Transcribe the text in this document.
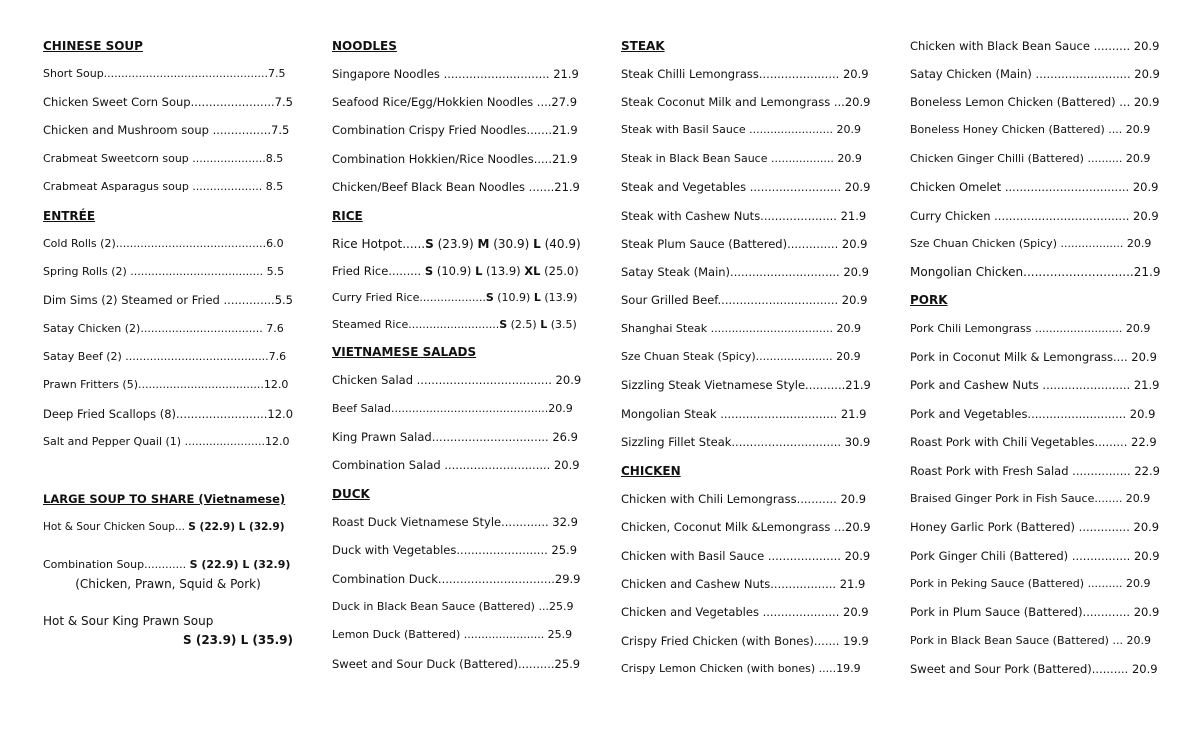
CHINESE SOUP
Short Soup...............................................7.5
Chicken Sweet Corn Soup.......................7.5
Chicken and Mushroom soup ................7.5
Crabmeat Sweetcorn soup .....................8.5
Crabmeat Asparagus soup .................... 8.5
ENTRÉE
Cold Rolls (2)...........................................6.0
Spring Rolls (2) ...................................... 5.5
Dim Sims (2) Steamed or Fried ..............5.5
Satay Chicken (2)................................... 7.6
Satay Beef (2) .........................................7.6
Prawn Fritters (5)....................................12.0
Deep Fried Scallops (8).........................12.0
Salt and Pepper Quail (1) .......................12.0
LARGE SOUP TO SHARE (Vietnamese)
Hot & Sour Chicken Soup... S (22.9) L (32.9)
Combination Soup............ S (22.9) L (32.9)
(Chicken, Prawn, Squid & Pork)
Hot & Sour King Prawn Soup
S (23.9) L (35.9)
NOODLES
Singapore Noodles ............................. 21.9
Seafood Rice/Egg/Hokkien Noodles ....27.9
Combination Crispy Fried Noodles.......21.9
Combination Hokkien/Rice Noodles.....21.9
Chicken/Beef Black Bean Noodles .......21.9
RICE
Rice Hotpot......S (23.9) M (30.9) L (40.9)
Fried Rice......... S (10.9) L (13.9) XL (25.0)
Curry Fried Rice...................S (10.9) L (13.9)
Steamed Rice..........................S (2.5) L (3.5)
VIETNAMESE SALADS
Chicken Salad ..................................... 20.9
Beef Salad.............................................20.9
King Prawn Salad................................ 26.9
Combination Salad ............................. 20.9
DUCK
Roast Duck Vietnamese Style............. 32.9
Duck with Vegetables......................... 25.9
Combination Duck................................29.9
Duck in Black Bean Sauce (Battered) ...25.9
Lemon Duck (Battered) ....................... 25.9
Sweet and Sour Duck (Battered)..........25.9
STEAK
Steak Chilli Lemongrass...................... 20.9
Steak Coconut Milk and Lemongrass ...20.9
Steak with Basil Sauce ........................ 20.9
Steak in Black Bean Sauce .................. 20.9
Steak and Vegetables ......................... 20.9
Steak with Cashew Nuts..................... 21.9
Steak Plum Sauce (Battered).............. 20.9
Satay Steak (Main).............................. 20.9
Sour Grilled Beef................................. 20.9
Shanghai Steak ................................... 20.9
Sze Chuan Steak (Spicy)...................... 20.9
Sizzling Steak Vietnamese Style...........21.9
Mongolian Steak ................................ 21.9
Sizzling Fillet Steak.............................. 30.9
CHICKEN
Chicken with Chili Lemongrass........... 20.9
Chicken, Coconut Milk &Lemongrass ...20.9
Chicken with Basil Sauce .................... 20.9
Chicken and Cashew Nuts.................. 21.9
Chicken and Vegetables ..................... 20.9
Crispy Fried Chicken (with Bones)....... 19.9
Crispy Lemon Chicken (with bones) .....19.9
Chicken with Black Bean Sauce .......... 20.9
Satay Chicken (Main) .......................... 20.9
Boneless Lemon Chicken (Battered) ... 20.9
Boneless Honey Chicken (Battered) .... 20.9
Chicken Ginger Chilli (Battered) .......... 20.9
Chicken Omelet .................................. 20.9
Curry Chicken ..................................... 20.9
Sze Chuan Chicken (Spicy) .................. 20.9
Mongolian Chicken.............................21.9
PORK
Pork Chili Lemongrass ......................... 20.9
Pork in Coconut Milk & Lemongrass.... 20.9
Pork and Cashew Nuts ........................ 21.9
Pork and Vegetables........................... 20.9
Roast Pork with Chili Vegetables......... 22.9
Roast Pork with Fresh Salad ................ 22.9
Braised Ginger Pork in Fish Sauce........ 20.9
Honey Garlic Pork (Battered) .............. 20.9
Pork Ginger Chili (Battered) ................ 20.9
Pork in Peking Sauce (Battered) .......... 20.9
Pork in Plum Sauce (Battered)............. 20.9
Pork in Black Bean Sauce (Battered) ... 20.9
Sweet and Sour Pork (Battered).......... 20.9
